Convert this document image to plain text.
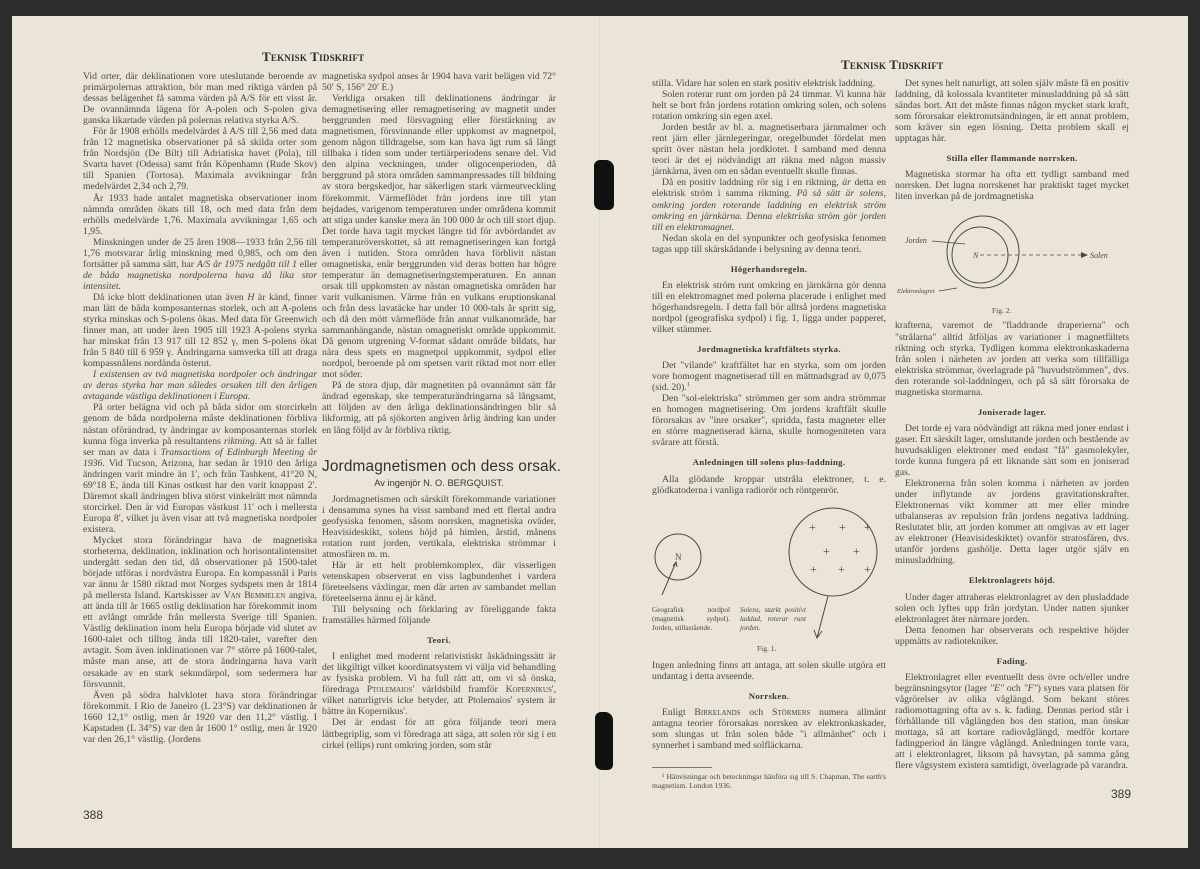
Teknisk Tidskrift
Teknisk Tidskrift

Vid orter, där deklinationen vore uteslutande beroende av primärpolernas attraktion, bör man med riktiga värden på dessas belägenhet få samma värden på A/S för ett visst år. De ovannämnda lägena för A-polen och S-polen giva ganska likartade värden på polernas relativa styrka A/S.

För år 1908 erhölls medelvärdet å A/S till 2,56 med data från 12 magnetiska observationer på så skilda orter som från Nordsjön (De Bilt) till Adriatiska havet (Pola), till Svarta havet (Odessa) samt från Köpenhamn (Rude Skov) till Spanien (Tortosa). Maximala avvikningar från medelvärdet 2,34 och 2,79.

År 1933 hade antalet magnetiska observationer inom nämnda områden ökats till 18, och med data från dem erhölls medelvärde 1,76. Maximala avvikningar 1,65 och 1,95.

Minskningen under de 25 åren 1908—1933 från 2,56 till 1,76 motsvarar årlig minskning med 0,985, och om den fortsätter på samma sätt, har A/S år 1975 nedgått till 1 eller de båda magnetiska nordpolerna hava då lika stor intensitet.

Då icke blott deklinationen utan även H är känd, finner man lätt de båda komposanternas storlek, och att A-polens styrka minskas och S-polens ökas. Med data för Greenwich finner man, att under åren 1905 till 1923 A-polens styrka har minskat från 13 917 till 12 852 γ, men S-polens ökat från 5 840 till 6 959 γ. Ändringarna samverka till att draga kompassnålens nordända österut.

I existensen av två magnetiska nordpoler och ändringar av deras styrka har man således orsaken till den årligen avtagande västliga deklinationen i Europa.

På orter belägna vid och på båda sidor om storcirkeln genom de båda nordpolerna måste deklinationen förbliva nästan oförändrad, ty ändringar av komposanternas storlek kunna föga inverka på resultantens riktning. Att så är fallet ser man av data i Transactions of Edinburgh Meeting år 1936. Vid Tucson, Arizona, har sedan år 1910 den årliga ändringen varit mindre än 1′, och från Tashkent, 41°20 N, 69°18 E, ända till Kinas ostkust har den varit knappast 2′. Däremot skall ändringen bliva störst vinkelrätt mot nämnda storcirkel. Den är vid Europas västkust 11′ och i mellersta Europa 8′, vilket ju även visar att två magnetiska nordpoler existera.

Mycket stora förändringar hava de magnetiska storheterna, deklination, inklination och horisontalintensitet undergått sedan den tid, då observationer på 1500-talet började utföras i nordvästra Europa. En kompassnål i Paris var ännu år 1580 riktad mot Norges sydspets men år 1814 på mellersta Island. Kartskisser av Van Bemmelen angiva, att ända till år 1665 ostlig deklination har förekommit inom ett avlångt område från mellersta Sverige till Spanien. Västlig deklination inom hela Europa började vid slutet av 1600-talet och tilltog ända till 1820-talet, varefter den avtagit. Som även inklinationen var 7° större på 1600-talet, måste man anse, att de stora ändringarna hava varit orsakade av en stark sekundärpol, som sedermera har försvunnit.

Även på södra halvklotet hava stora förändringar förekommit. I Rio de Janeiro (L 23°S) var deklinationen år 1660 12,1° ostlig, men år 1920 var den 11,2° västlig. I Kapstaden (L 34°S) var den år 1600 1° ostlig, men år 1920 var den 26,1° västlig. (Jordens

magnetiska sydpol anses år 1904 hava varit belägen vid 72° 50′ S, 156° 20′ E.)

Verkliga orsaken till deklinationens ändringar är demagnetisering eller remagnetisering av magnetit under berggrunden med försvagning eller förstärkning av magnetismen, försvinnande eller uppkomst av magnetpol, genom någon tilldragelse, som kan hava ägt rum så långt tillbaka i tiden som under tertiärperiodens senare del. Vid den alpina veckningen, under oligocenperioden, då berggrund på stora områden sammanpressades till bildning av stora bergskedjor, har säkerligen stark värmeutveckling förekommit. Värmeflödet från jordens inre till ytan hejdades, varigenom temperaturen under områdena kommit att stiga under kanske mera än 100 000 år och till stort djup. Det torde hava tagit mycket längre tid för avbördandet av temperaturöverskottet, så att remagnetiseringen kan fortgå även i nutiden. Stora områden hava förblivit nästan omagnetiska, enär berggrunden vid deras botten har högre temperatur än demagnetiseringstemperaturen. En annan orsak till uppkomsten av nästan omagnetiska områden har varit vulkanismen. Värme från en vulkans eruptionskanal och från dess lavatäcke har under 10 000-tals år spritt sig, och då den mött värmeflöde från annat vulkanområde, har sammanhängande, nästan omagnetiskt område uppkommit. Då genom utgrening V-format sådant område bildats, har nära dess spets en magnetpol uppkommit, sydpol eller nordpol, beroende på om spetsen varit riktad mot norr eller mot söder.

På de stora djup, där magnetiten på ovannämnt sätt får ändrad egenskap, ske temperaturändringarna så långsamt, att följden av den årliga deklinationsändringen blir så likformig, att på sjökorten angiven årlig ändring kan under en lång följd av år förbliva riktig.

Jordmagnetismen och dess orsak.
Av ingenjör N. O. BERGQUIST.

Jordmagnetismen och särskilt förekommande variationer i densamma synes ha visst samband med ett flertal andra geofysiska fenomen, såsom norrsken, magnetiska oväder, Heavisideskikt, solens höjd på himlen, årstid, månens rotation runt jorden, vertikala, elektriska strömmar i atmosfären m. m.

Här är ett helt problemkomplex, där visserligen vetenskapen observerat en viss lagbundenhet i vardera företeelsens växlingar, men där arten av sambandet mellan företeelserna ännu ej är känd.

Till belysning och förklaring av föreliggande fakta framställes härmed följande

Teori.

I enlighet med modernt relativistiskt åskådningssätt är det likgiltigt vilket koordinatsystem vi välja vid behandling av fysiska problem. Vi ha full rätt att, om vi så önska, föredraga Ptolemaios' världsbild framför Kopernikus', vilket naturligtvis icke betyder, att Ptolemaios' system är bättre än Kopernikus'.

Det är endast för att göra följande teori mera lättbegriplig, som vi föredraga att säga, att solen rör sig i en cirkel (ellips) runt omkring jorden, som står

stilla. Vidare har solen en stark positiv elektrisk laddning.

Solen roterar runt om jorden på 24 timmar. Vi kunna här helt se bort från jordens rotation omkring solen, och solens rotation omkring sin egen axel.

Jorden består av bl. a. magnetiserbara järnmalmer och rent järn eller järnlegeringar, oregelbundet fördelat men spritt över nästan hela jordklotet. I samband med denna teori är det ej nödvändigt att räkna med någon massiv järnkärna, även om en sådan eventuellt skulle finnas.

Då en positiv laddning rör sig i en riktning, är detta en elektrisk ström i samma riktning. På så sätt är solens, omkring jorden roterande laddning en elektrisk ström omkring en järnkärna. Denna elektriska ström gör jorden till en elektromagnet.

Nedan skola en del synpunkter och geofysiska fenomen tagas upp till skärskådande i belysning av denna teori.

Högerhandsregeln.

En elektrisk ström runt omkring en järnkärna gör denna till en elektromagnet med polerna placerade i enlighet med högerhandsregeln. I detta fall bör alltså jordens magnetiska nordpol (geografiska sydpol) i fig. 1, ligga under papperet, vilket stämmer.

Jordmagnetiska kraftfältets styrka.

Det "vilande" kraftfältet har en styrka, som om jorden vore homogent magnetiserad till en mättnadsgrad av 0,075 (sid. 20).$^1$

Den "sol-elektriska" strömmen ger som andra strömmar en homogen magnetisering. Om jordens kraftfält skulle förorsakas av "inre orsaker", spridda, fasta magneter eller en större magnetiserad kärna, skulle homogeniteten vara svårare att förstå.

Anledningen till solens plus-laddning.

Alla glödande kroppar utstråla elektroner, t. e. glödkatoderna i vanliga radiorör och röntgenrör.

N
+ + +
+ +
+ + +
Geografisk nordpol (magnetisk sydpol). Jorden, stillastående.
Solens, starkt positivt laddad, roterar runt jorden.
Fig. 1.

Ingen anledning finns att antaga, att solen skulle utgöra ett undantag i detta avseende.

Norrsken.

Enligt Birkelands och Störmers numera allmänt antagna teorier förorsakas norrsken av elektronkaskader, som slungas ut från solen både "i allmänhet" och i synnerhet i samband med solfläckarna.

¹ Hänvisningar och beteckningar hänföra sig till S. Chapman, The earth's magnetism. London 1936.

Det synes helt naturligt, att solen själv måste få en positiv laddning, då kolossala kvantiteter minusladdning på så sätt sändas bort. Att det måste finnas någon mycket stark kraft, som förorsakar elektronutsändningen, är ett annat problem, som kräver sin egen lösning. Detta problem skall ej upptagas här.

Stilla eller flammande norrsken.

Magnetiska stormar ha ofta ett tydligt samband med norrsken. Det lugna norrskenet har praktiskt taget mycket liten inverkan på de jordmagnetiska

Jorden
N	Solen
Elektronlagret
Fig. 2.

krafterna, varemot de "fladdrande draperierna" och "strålarna" alltid åtföljas av variationer i magnetfältets riktning och styrka. Tydligen komma elektronkaskaderna från solen i närheten av jorden att verka som tillfälliga elektriska strömmar, överlagrade på "huvudströmmen", dvs. den roterande sol-laddningen, och på så sätt förorsaka de magnetiska stormarna.

Joniserade lager.

Det torde ej vara nödvändigt att räkna med joner endast i gaser. Ett särskilt lager, omslutande jorden och bestående av huvudsakligen elektroner med endast "få" gasmolekyler, torde kunna fungera på ett liknande sätt som en joniserad gas.

Elektronerna från solen komma i närheten av jorden under inflytande av jordens gravitationskrafter. Elektronernas vikt kommer att mer eller mindre utbalanseras av repulsion från jordens negativa laddning. Reslutatet blir, att jorden kommer att omgivas av ett lager av elektroner (Heavisideskiktet) ovanför stratosfären, dvs. utanför jordens gashölje. Detta lager utgör själv en minusladdning.

Elektronlagrets höjd.

Under dager attraheras elektronlagret av den plusladdade solen och lyftes upp från jordytan. Under natten sjunker elektronlagret åter närmare jorden.

Detta fenomen har observerats och respektive höjder uppmätts av radiotekniker.

Fading.

Elektronlagret eller eventuellt dess övre och/eller undre begränsningsytor (lager "E" och "F") synes vara platsen för vågrörelser av olika våglängd. Som bekant störes radiomottagning ofta av s. k. fading. Dennas period står i förhållande till våglängden hos den station, man önskar mottaga, så att kortare radiovåglängd, medför kortare fadingperiod än längre våglängd. Anledningen torde vara, att i elektronlagret, liksom på havsytan, på samma gång flere vågsystem existera samtidigt, överlagrade på varandra.

388
389
